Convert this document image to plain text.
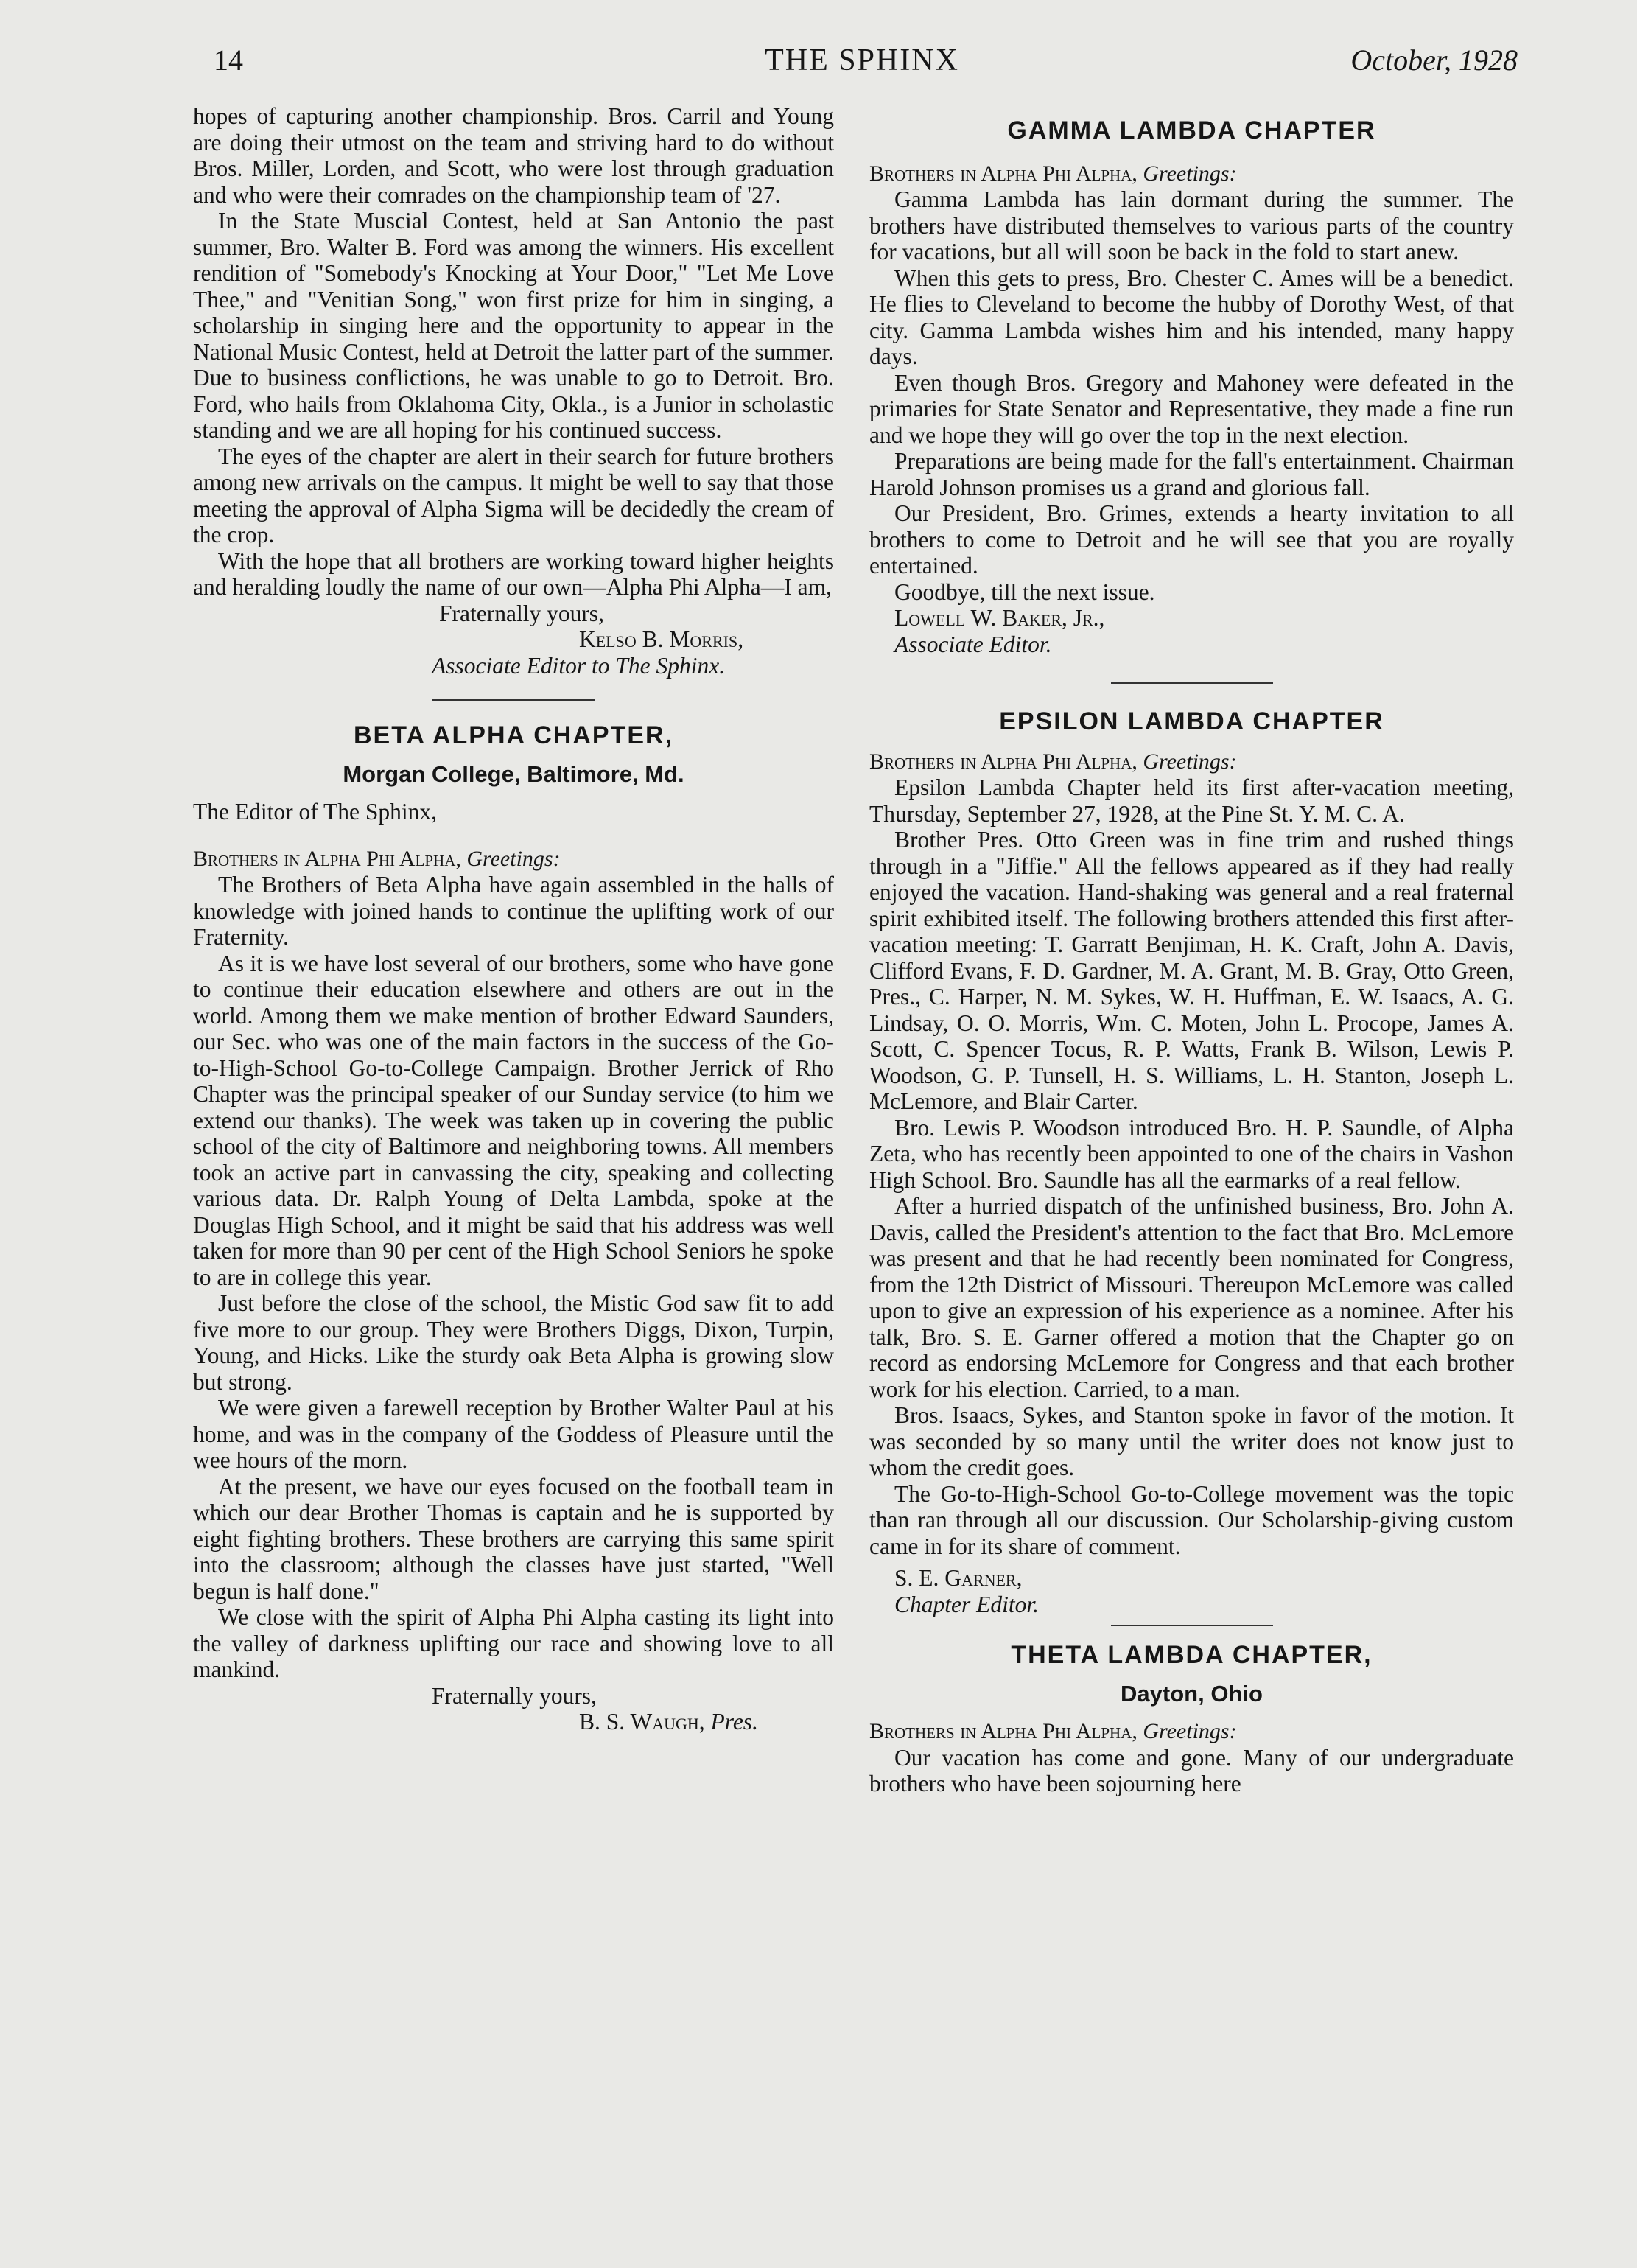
14	THE SPHINX	October, 1928

hopes of capturing another championship. Bros. Carril and Young are doing their utmost on the team and striving hard to do without Bros. Miller, Lorden, and Scott, who were lost through graduation and who were their comrades on the championship team of '27.

In the State Muscial Contest, held at San Antonio the past summer, Bro. Walter B. Ford was among the winners. His excellent rendition of "Somebody's Knocking at Your Door," "Let Me Love Thee," and "Venitian Song," won first prize for him in singing, a scholarship in singing here and the opportunity to appear in the National Music Contest, held at Detroit the latter part of the summer. Due to business conflictions, he was unable to go to Detroit. Bro. Ford, who hails from Oklahoma City, Okla., is a Junior in scholastic standing and we are all hoping for his continued success.

The eyes of the chapter are alert in their search for future brothers among new arrivals on the campus. It might be well to say that those meeting the approval of Alpha Sigma will be decidedly the cream of the crop.

With the hope that all brothers are working toward higher heights and heralding loudly the name of our own—Alpha Phi Alpha—I am,

Fraternally yours,

Kelso B. Morris,

Associate Editor to The Sphinx.

BETA ALPHA CHAPTER,
Morgan College, Baltimore, Md.

The Editor of The Sphinx,

Brothers in Alpha Phi Alpha, Greetings:

The Brothers of Beta Alpha have again assembled in the halls of knowledge with joined hands to continue the uplifting work of our Fraternity.

As it is we have lost several of our brothers, some who have gone to continue their education elsewhere and others are out in the world. Among them we make mention of brother Edward Saunders, our Sec. who was one of the main factors in the success of the Go-to-High-School Go-to-College Campaign. Brother Jerrick of Rho Chapter was the principal speaker of our Sunday service (to him we extend our thanks). The week was taken up in covering the public school of the city of Baltimore and neighboring towns. All members took an active part in canvassing the city, speaking and collecting various data. Dr. Ralph Young of Delta Lambda, spoke at the Douglas High School, and it might be said that his address was well taken for more than 90 per cent of the High School Seniors he spoke to are in college this year.

Just before the close of the school, the Mistic God saw fit to add five more to our group. They were Brothers Diggs, Dixon, Turpin, Young, and Hicks. Like the sturdy oak Beta Alpha is growing slow but strong.

We were given a farewell reception by Brother Walter Paul at his home, and was in the company of the Goddess of Pleasure until the wee hours of the morn.

At the present, we have our eyes focused on the football team in which our dear Brother Thomas is captain and he is supported by eight fighting brothers. These brothers are carrying this same spirit into the classroom; although the classes have just started, "Well begun is half done."

We close with the spirit of Alpha Phi Alpha casting its light into the valley of darkness uplifting our race and showing love to all mankind.

Fraternally yours,

B. S. Waugh, Pres.

GAMMA LAMBDA CHAPTER

Brothers in Alpha Phi Alpha, Greetings:

Gamma Lambda has lain dormant during the summer. The brothers have distributed themselves to various parts of the country for vacations, but all will soon be back in the fold to start anew.

When this gets to press, Bro. Chester C. Ames will be a benedict. He flies to Cleveland to become the hubby of Dorothy West, of that city. Gamma Lambda wishes him and his intended, many happy days.

Even though Bros. Gregory and Mahoney were defeated in the primaries for State Senator and Representative, they made a fine run and we hope they will go over the top in the next election.

Preparations are being made for the fall's entertainment. Chairman Harold Johnson promises us a grand and glorious fall.

Our President, Bro. Grimes, extends a hearty invitation to all brothers to come to Detroit and he will see that you are royally entertained.

Goodbye, till the next issue.

Lowell W. Baker, Jr.,

Associate Editor.

EPSILON LAMBDA CHAPTER

Brothers in Alpha Phi Alpha, Greetings:

Epsilon Lambda Chapter held its first after-vacation meeting, Thursday, September 27, 1928, at the Pine St. Y. M. C. A.

Brother Pres. Otto Green was in fine trim and rushed things through in a "Jiffie." All the fellows appeared as if they had really enjoyed the vacation. Hand-shaking was general and a real fraternal spirit exhibited itself. The following brothers attended this first after-vacation meeting: T. Garratt Benjiman, H. K. Craft, John A. Davis, Clifford Evans, F. D. Gardner, M. A. Grant, M. B. Gray, Otto Green, Pres., C. Harper, N. M. Sykes, W. H. Huffman, E. W. Isaacs, A. G. Lindsay, O. O. Morris, Wm. C. Moten, John L. Procope, James A. Scott, C. Spencer Tocus, R. P. Watts, Frank B. Wilson, Lewis P. Woodson, G. P. Tunsell, H. S. Williams, L. H. Stanton, Joseph L. McLemore, and Blair Carter.

Bro. Lewis P. Woodson introduced Bro. H. P. Saundle, of Alpha Zeta, who has recently been appointed to one of the chairs in Vashon High School. Bro. Saundle has all the earmarks of a real fellow.

After a hurried dispatch of the unfinished business, Bro. John A. Davis, called the President's attention to the fact that Bro. McLemore was present and that he had recently been nominated for Congress, from the 12th District of Missouri. Thereupon McLemore was called upon to give an expression of his experience as a nominee. After his talk, Bro. S. E. Garner offered a motion that the Chapter go on record as endorsing McLemore for Congress and that each brother work for his election. Carried, to a man.

Bros. Isaacs, Sykes, and Stanton spoke in favor of the motion. It was seconded by so many until the writer does not know just to whom the credit goes.

The Go-to-High-School Go-to-College movement was the topic than ran through all our discussion. Our Scholarship-giving custom came in for its share of comment.

S. E. Garner,

Chapter Editor.

THETA LAMBDA CHAPTER,
Dayton, Ohio

Brothers in Alpha Phi Alpha, Greetings:

Our vacation has come and gone. Many of our undergraduate brothers who have been sojourning here
